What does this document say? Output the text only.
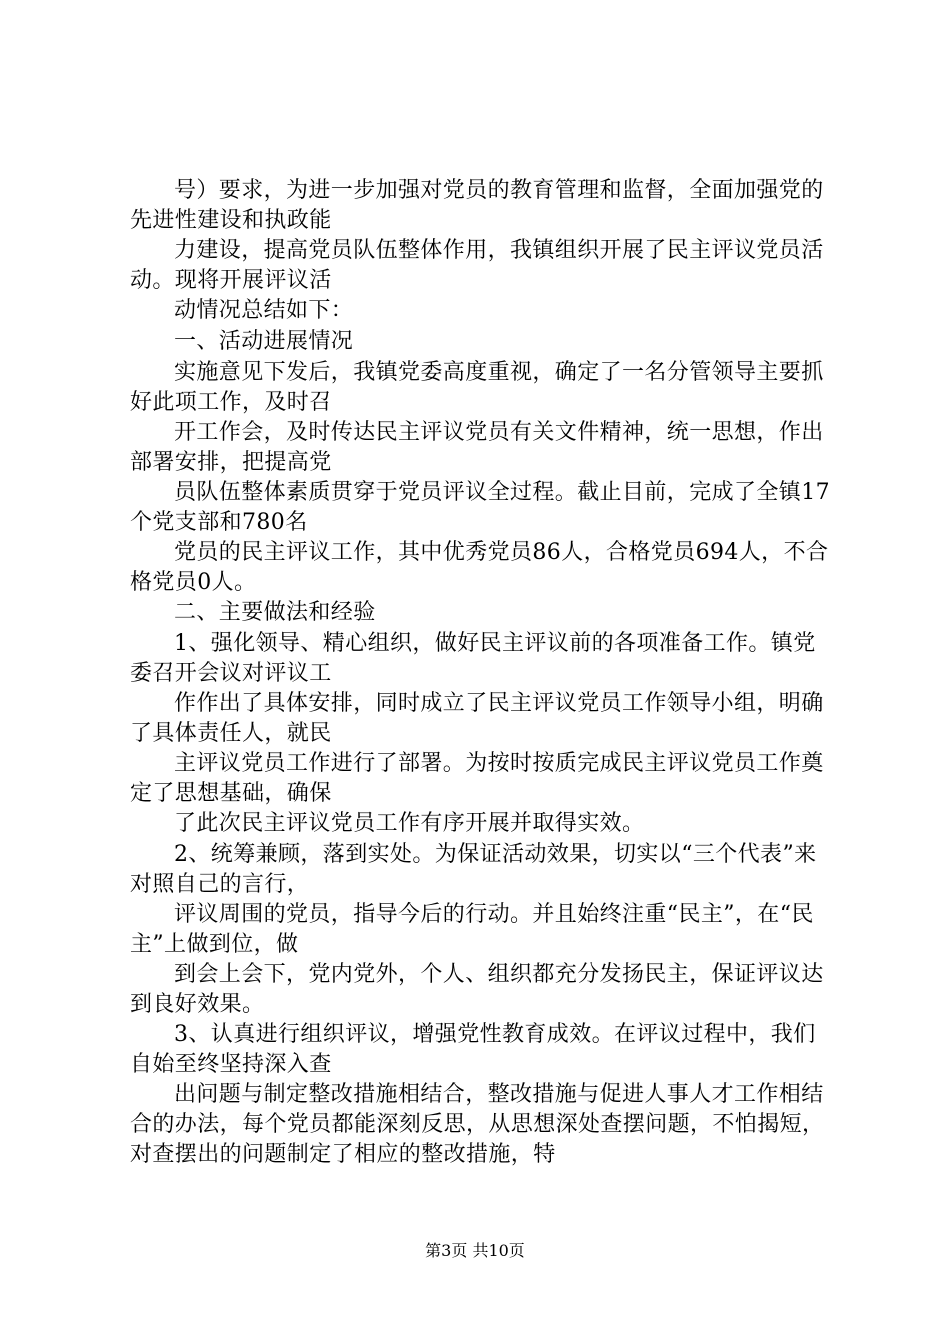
号）要求，为进一步加强对党员的教育管理和监督，全面加强党的先进性建设和执政能

力建设，提高党员队伍整体作用，我镇组织开展了民主评议党员活动。现将开展评议活

动情况总结如下：

一、活动进展情况

实施意见下发后，我镇党委高度重视，确定了一名分管领导主要抓好此项工作，及时召

开工作会，及时传达民主评议党员有关文件精神，统一思想，作出部署安排，把提高党

员队伍整体素质贯穿于党员评议全过程。截止目前，完成了全镇17个党支部和780名

党员的民主评议工作，其中优秀党员86人，合格党员694人，不合格党员0人。

二、主要做法和经验

1、强化领导、精心组织，做好民主评议前的各项准备工作。镇党委召开会议对评议工

作作出了具体安排，同时成立了民主评议党员工作领导小组，明确了具体责任人，就民

主评议党员工作进行了部署。为按时按质完成民主评议党员工作奠定了思想基础，确保

了此次民主评议党员工作有序开展并取得实效。

2、统筹兼顾，落到实处。为保证活动效果，切实以“三个代表”来对照自己的言行，

评议周围的党员，指导今后的行动。并且始终注重“民主”，在“民主”上做到位，做

到会上会下，党内党外，个人、组织都充分发扬民主，保证评议达到良好效果。

3、认真进行组织评议，增强党性教育成效。在评议过程中，我们自始至终坚持深入查

出问题与制定整改措施相结合，整改措施与促进人事人才工作相结合的办法，每个党员都能深刻反思，从思想深处查摆问题，不怕揭短，对查摆出的问题制定了相应的整改措施，特

第3页 共10页
